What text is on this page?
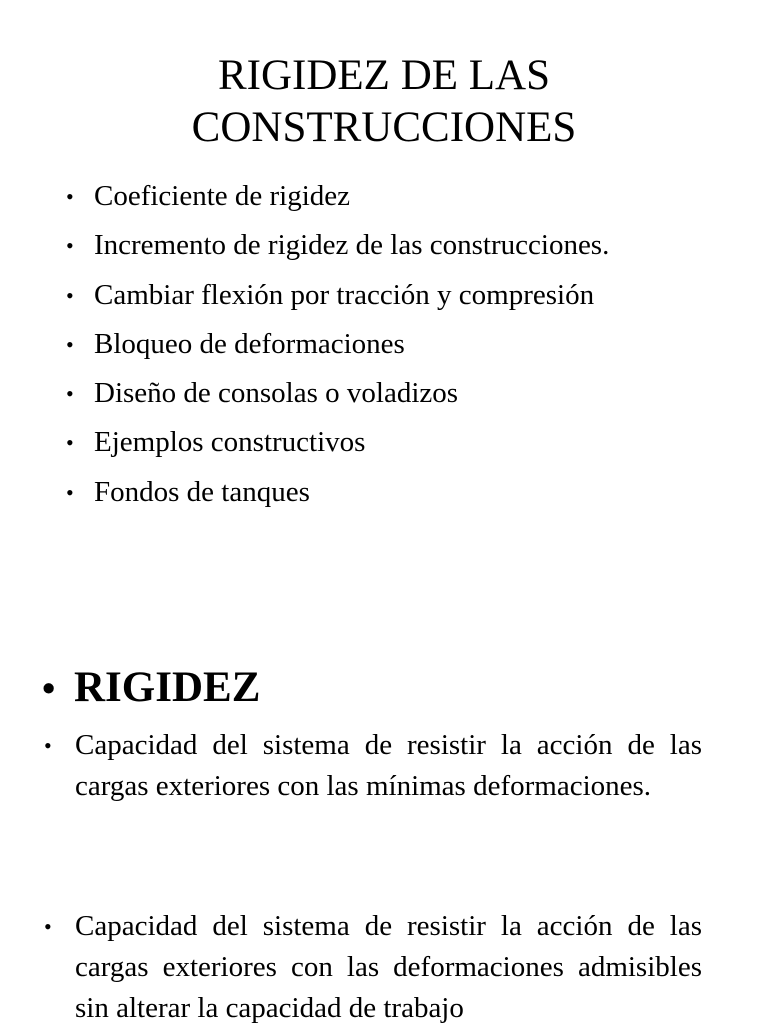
RIGIDEZ DE LAS
CONSTRUCCIONES
• Coeficiente de rigidez
• Incremento de rigidez de las construcciones.
• Cambiar flexión por tracción y compresión
• Bloqueo de deformaciones
• Diseño de consolas o voladizos
• Ejemplos constructivos
• Fondos de tanques
• RIGIDEZ
• Capacidad del sistema de resistir la acción de las cargas exteriores con las mínimas deformaciones.
• Capacidad del sistema de resistir la acción de las cargas exteriores con las deformaciones admisibles sin alterar la capacidad de trabajo
